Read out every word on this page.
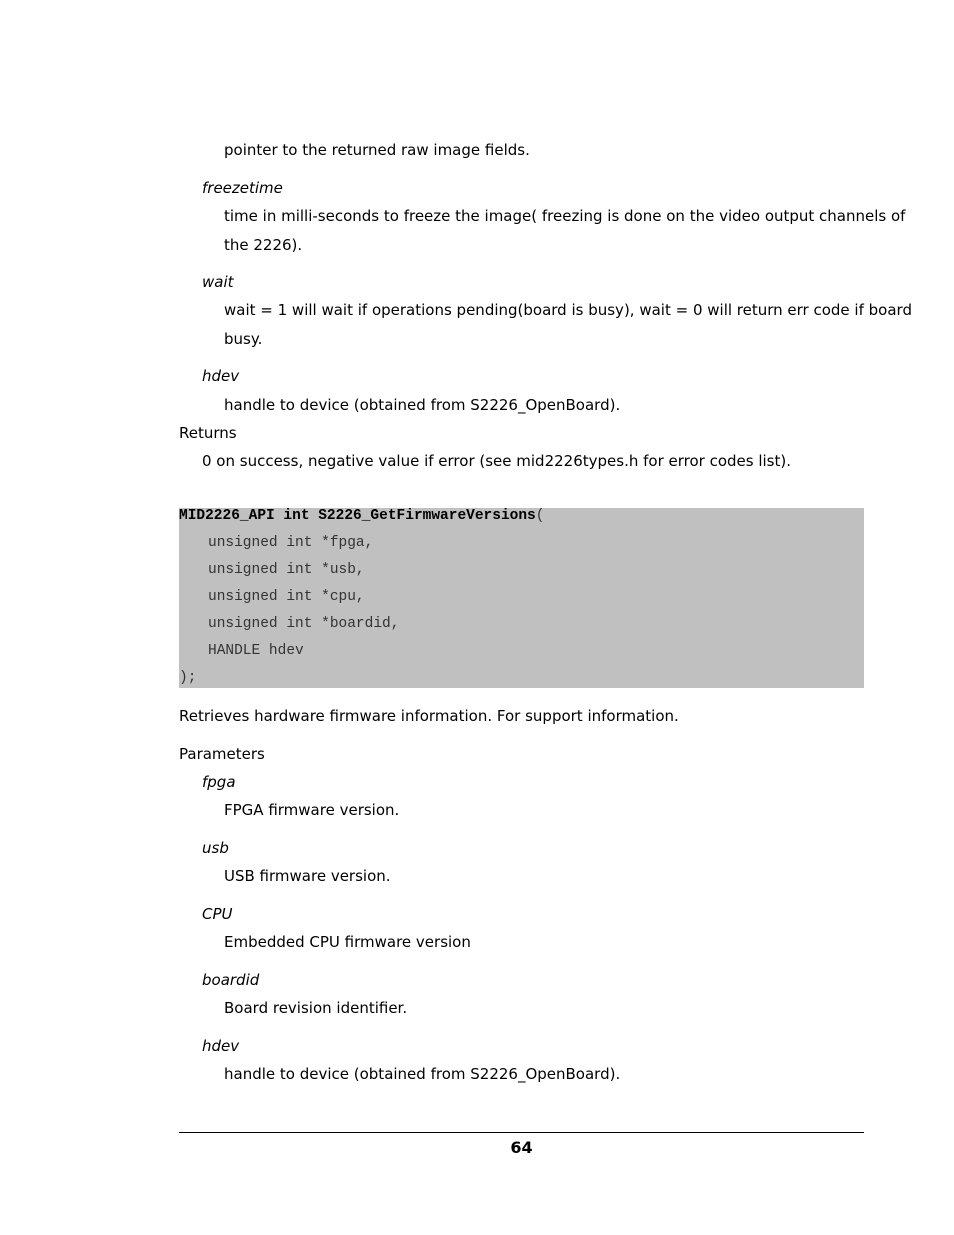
pointer to the returned raw image fields.
freezetime
time in milli-seconds to freeze the image( freezing is done on the video output channels of
the 2226).
wait
wait = 1 will wait if operations pending(board is busy), wait = 0 will return err code if board
busy.
hdev
handle to device (obtained from S2226_OpenBoard).
Returns
0 on success, negative value if error (see mid2226types.h for error codes list).
MID2226_API int S2226_GetFirmwareVersions(
unsigned int *fpga,
unsigned int *usb,
unsigned int *cpu,
unsigned int *boardid,
HANDLE hdev
);
Retrieves hardware firmware information. For support information.
Parameters
fpga
FPGA firmware version.
usb
USB firmware version.
CPU
Embedded CPU firmware version
boardid
Board revision identifier.
hdev
handle to device (obtained from S2226_OpenBoard).
64
